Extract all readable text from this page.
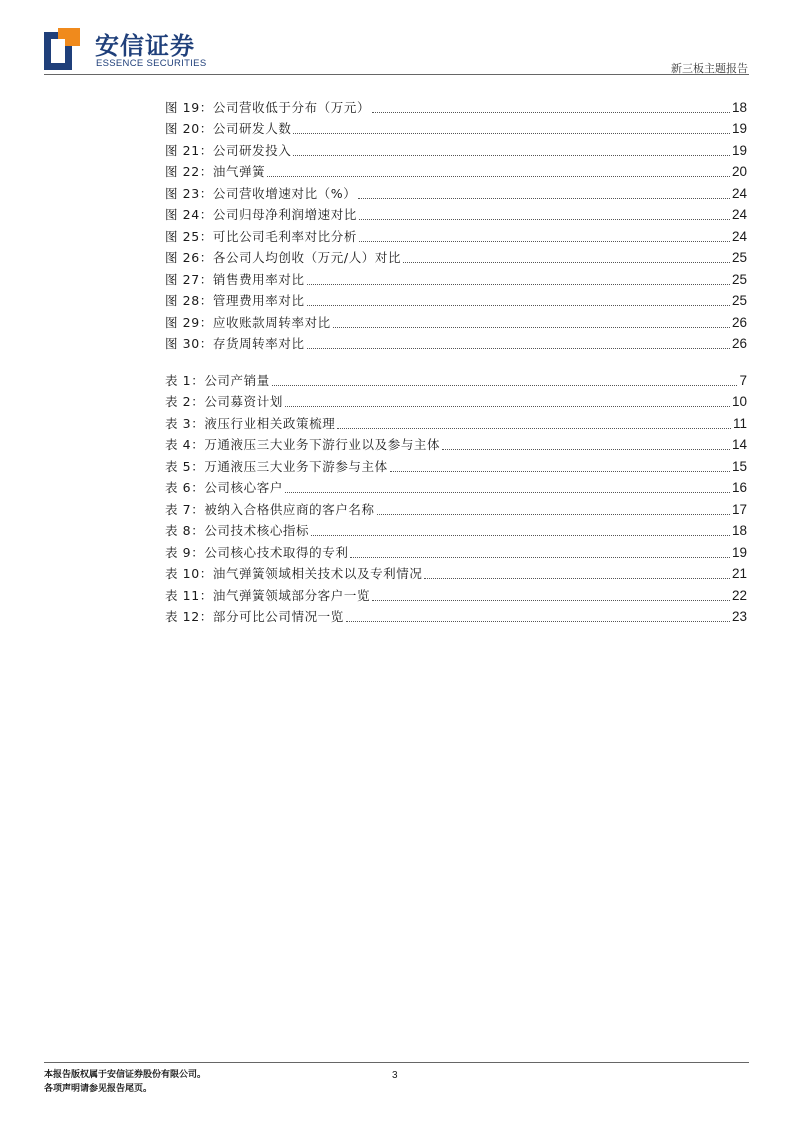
安信证券
ESSENCE SECURITIES	新三板主题报告
图 19：公司营收低于分布（万元）	18
图 20：公司研发人数	19
图 21：公司研发投入	19
图 22：油气弹簧	20
图 23：公司营收增速对比（%）	24
图 24：公司归母净利润增速对比	24
图 25：可比公司毛利率对比分析	24
图 26：各公司人均创收（万元/人）对比	25
图 27：销售费用率对比	25
图 28：管理费用率对比	25
图 29：应收账款周转率对比	26
图 30：存货周转率对比	26
表 1：公司产销量	7
表 2：公司募资计划	10
表 3：液压行业相关政策梳理	11
表 4：万通液压三大业务下游行业以及参与主体	14
表 5：万通液压三大业务下游参与主体	15
表 6：公司核心客户	16
表 7：被纳入合格供应商的客户名称	17
表 8：公司技术核心指标	18
表 9：公司核心技术取得的专利	19
表 10：油气弹簧领域相关技术以及专利情况	21
表 11：油气弹簧领域部分客户一览	22
表 12：部分可比公司情况一览	23
本报告版权属于安信证券股份有限公司。
各项声明请参见报告尾页。
3
